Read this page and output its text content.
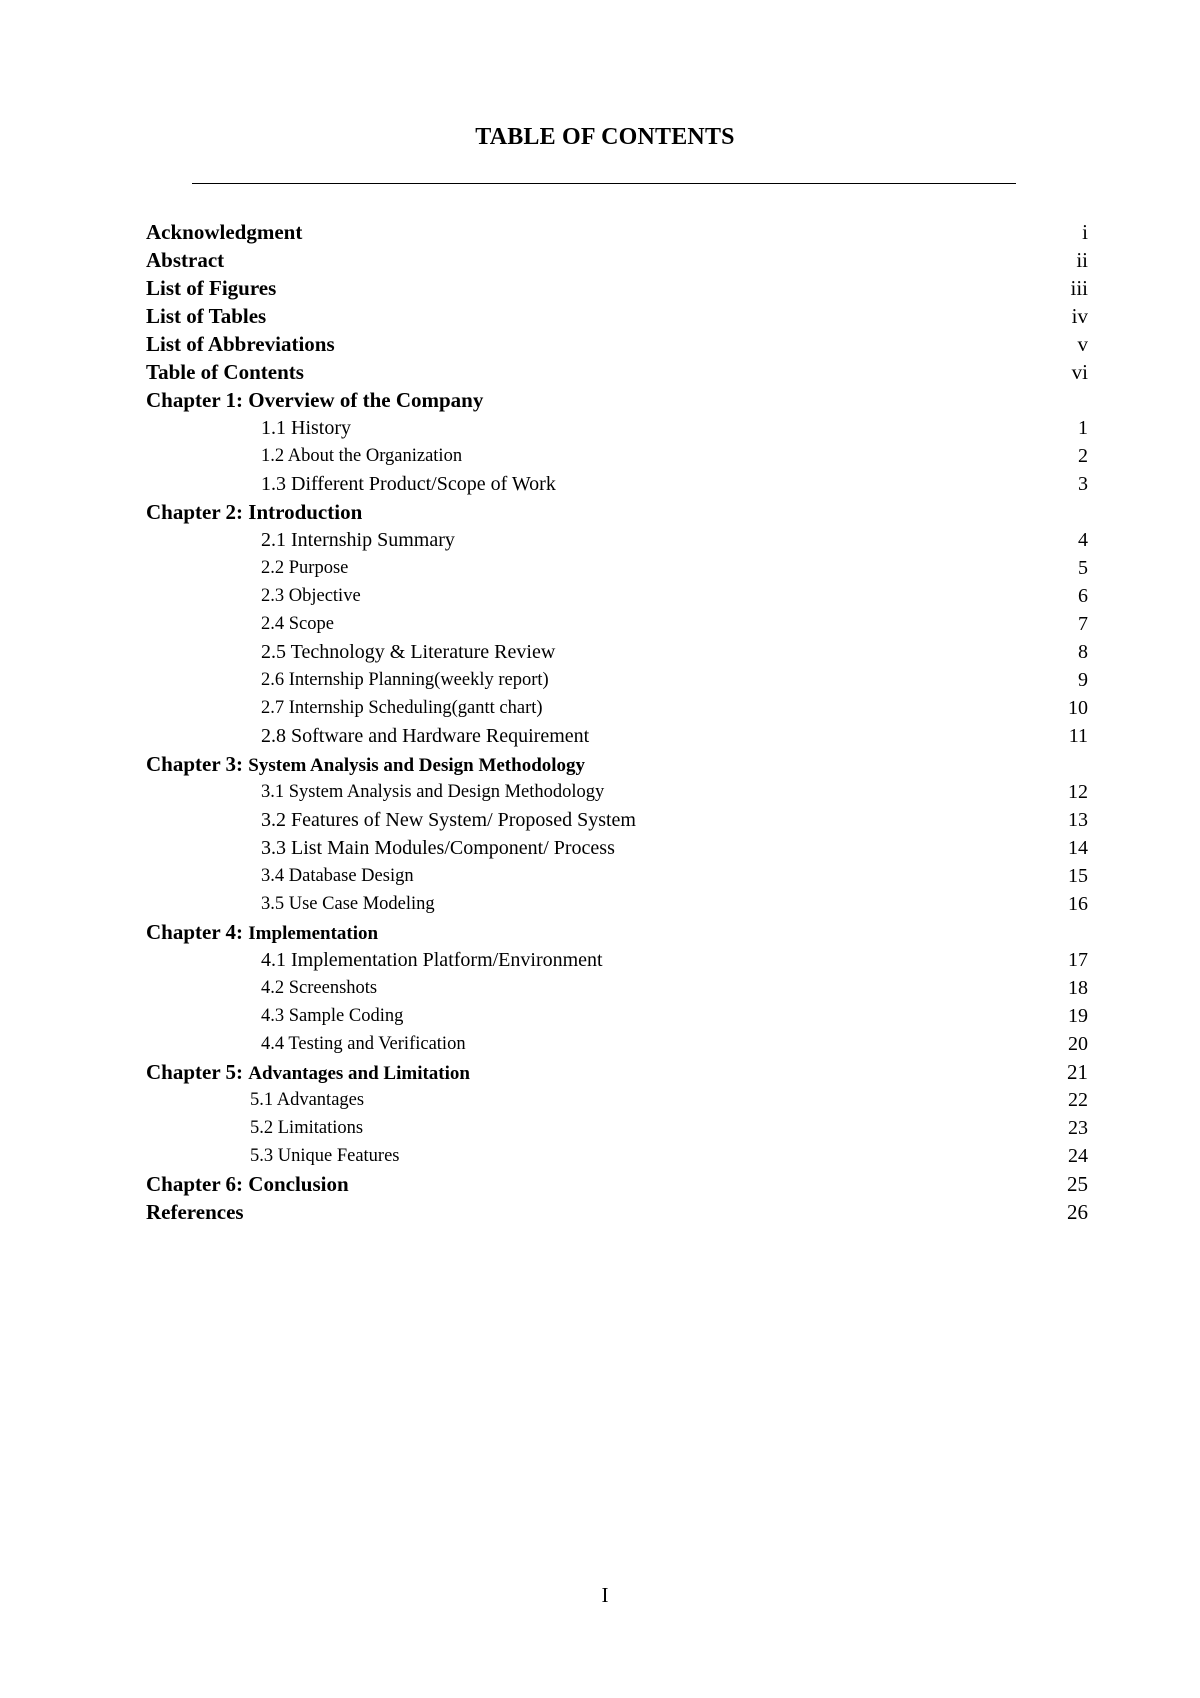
TABLE OF CONTENTS
Acknowledgment	i
Abstract	ii
List of Figures	iii
List of Tables	iv
List of Abbreviations	v
Table of Contents	vi
Chapter 1: Overview of the Company
1.1 History	1
1.2 About the Organization	2
1.3 Different Product/Scope of Work	3
Chapter 2: Introduction
2.1 Internship Summary	4
2.2 Purpose	5
2.3 Objective	6
2.4 Scope	7
2.5 Technology & Literature Review	8
2.6 Internship Planning(weekly report)	9
2.7 Internship Scheduling(gantt chart)	10
2.8 Software and Hardware Requirement	11
Chapter 3: System Analysis and Design Methodology
3.1 System Analysis and Design Methodology	12
3.2 Features of New System/ Proposed System	13
3.3 List Main Modules/Component/ Process	14
3.4 Database Design	15
3.5 Use Case Modeling	16
Chapter 4: Implementation
4.1 Implementation Platform/Environment	17
4.2 Screenshots	18
4.3 Sample Coding	19
4.4 Testing and Verification	20
Chapter 5: Advantages and Limitation	21
5.1 Advantages	22
5.2 Limitations	23
5.3 Unique Features	24
Chapter 6: Conclusion	25
References	26
I
